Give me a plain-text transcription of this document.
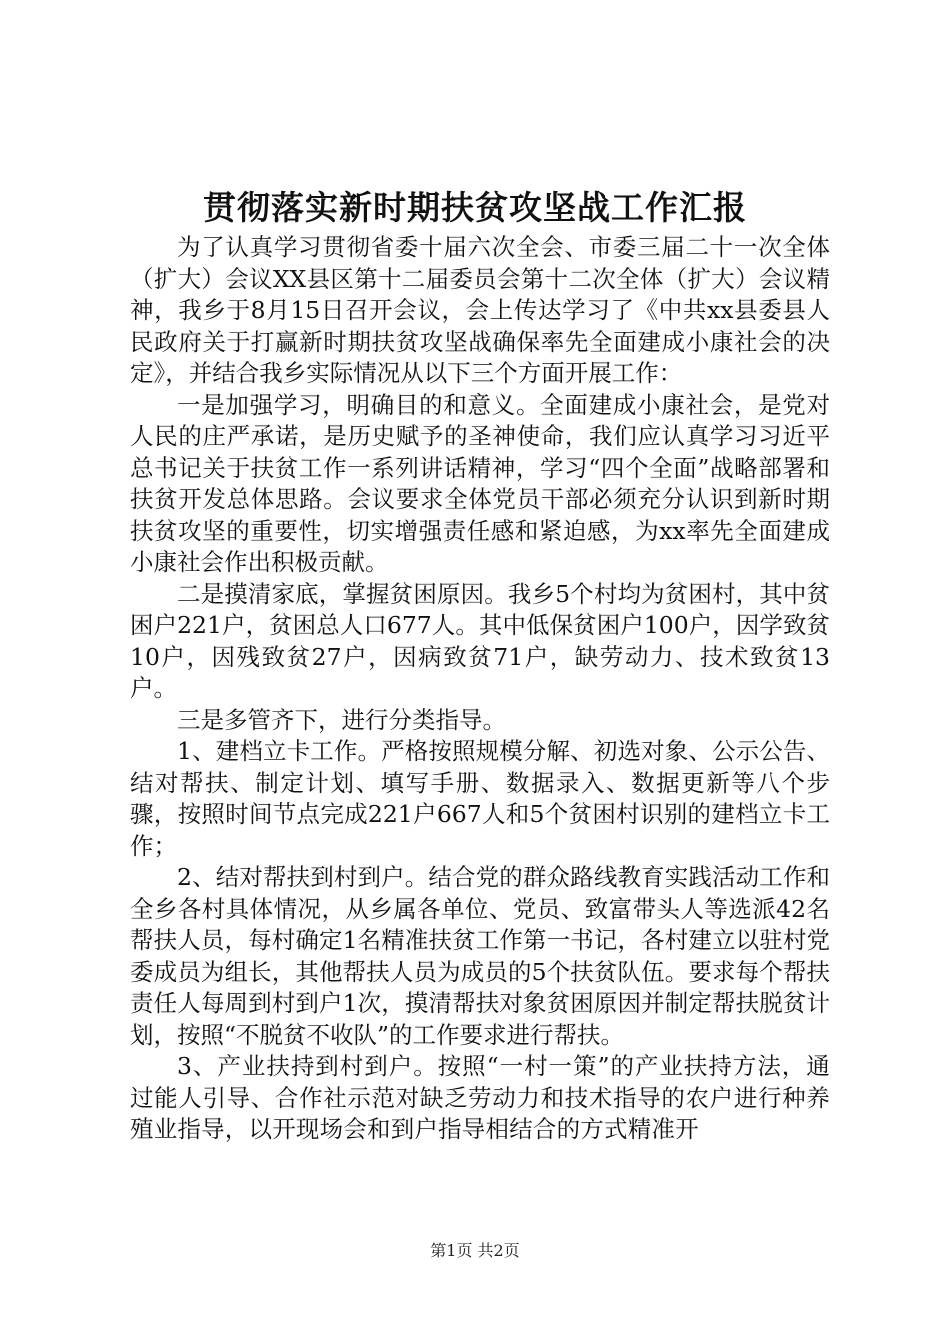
贯彻落实新时期扶贫攻坚战工作汇报

为了认真学习贯彻省委十届六次全会、市委三届二十一次全体（扩大）会议XX县区第十二届委员会第十二次全体（扩大）会议精神，我乡于8月15日召开会议，会上传达学习了《中共xx县委县人民政府关于打赢新时期扶贫攻坚战确保率先全面建成小康社会的决定》，并结合我乡实际情况从以下三个方面开展工作：

一是加强学习，明确目的和意义。全面建成小康社会，是党对人民的庄严承诺，是历史赋予的圣神使命，我们应认真学习习近平总书记关于扶贫工作一系列讲话精神，学习“四个全面”战略部署和扶贫开发总体思路。会议要求全体党员干部必须充分认识到新时期扶贫攻坚的重要性，切实增强责任感和紧迫感，为xx率先全面建成小康社会作出积极贡献。

二是摸清家底，掌握贫困原因。我乡5个村均为贫困村，其中贫困户221户，贫困总人口677人。其中低保贫困户100户，因学致贫10户，因残致贫27户，因病致贫71户，缺劳动力、技术致贫13户。

三是多管齐下，进行分类指导。

1、建档立卡工作。严格按照规模分解、初选对象、公示公告、结对帮扶、制定计划、填写手册、数据录入、数据更新等八个步骤，按照时间节点完成221户667人和5个贫困村识别的建档立卡工作；

2、结对帮扶到村到户。结合党的群众路线教育实践活动工作和全乡各村具体情况，从乡属各单位、党员、致富带头人等选派42名帮扶人员，每村确定1名精准扶贫工作第一书记，各村建立以驻村党委成员为组长，其他帮扶人员为成员的5个扶贫队伍。要求每个帮扶责任人每周到村到户1次，摸清帮扶对象贫困原因并制定帮扶脱贫计划，按照“不脱贫不收队”的工作要求进行帮扶。

3、产业扶持到村到户。按照“一村一策”的产业扶持方法，通过能人引导、合作社示范对缺乏劳动力和技术指导的农户进行种养殖业指导，以开现场会和到户指导相结合的方式精准开

第1页 共2页
